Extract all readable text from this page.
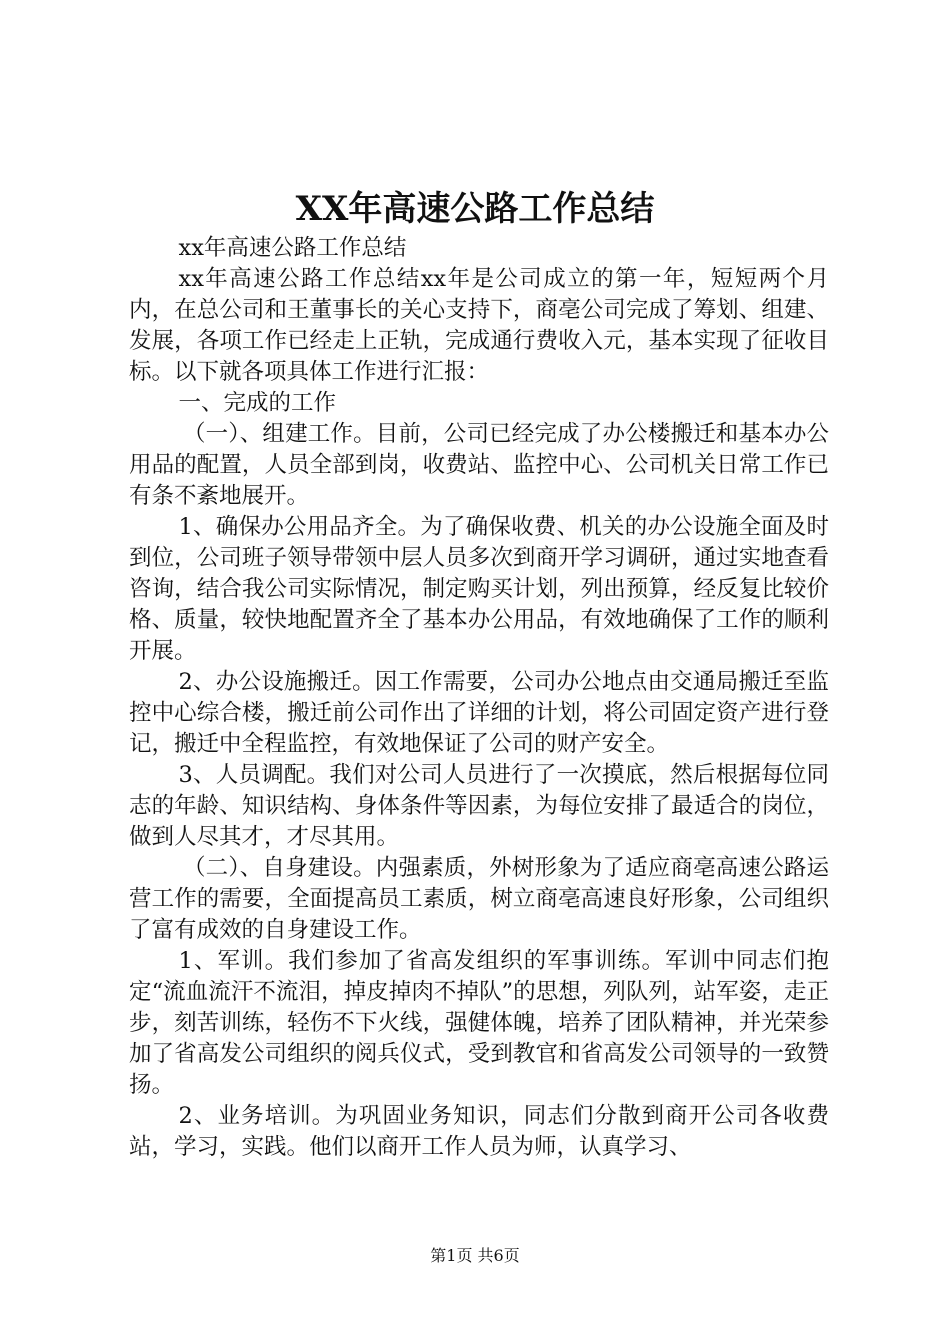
XX年高速公路工作总结

xx年高速公路工作总结

xx年高速公路工作总结xx年是公司成立的第一年，短短两个月内，在总公司和王董事长的关心支持下，商亳公司完成了筹划、组建、发展，各项工作已经走上正轨，完成通行费收入元，基本实现了征收目标。以下就各项具体工作进行汇报：

一、完成的工作

（一）、组建工作。目前，公司已经完成了办公楼搬迁和基本办公用品的配置，人员全部到岗，收费站、监控中心、公司机关日常工作已有条不紊地展开。

1、确保办公用品齐全。为了确保收费、机关的办公设施全面及时到位，公司班子领导带领中层人员多次到商开学习调研，通过实地查看咨询，结合我公司实际情况，制定购买计划，列出预算，经反复比较价格、质量，较快地配置齐全了基本办公用品，有效地确保了工作的顺利开展。

2、办公设施搬迁。因工作需要，公司办公地点由交通局搬迁至监控中心综合楼，搬迁前公司作出了详细的计划，将公司固定资产进行登记，搬迁中全程监控，有效地保证了公司的财产安全。

3、人员调配。我们对公司人员进行了一次摸底，然后根据每位同志的年龄、知识结构、身体条件等因素，为每位安排了最适合的岗位，做到人尽其才，才尽其用。

（二）、自身建设。内强素质，外树形象为了适应商亳高速公路运营工作的需要，全面提高员工素质，树立商亳高速良好形象，公司组织了富有成效的自身建设工作。

1、军训。我们参加了省高发组织的军事训练。军训中同志们抱定“流血流汗不流泪，掉皮掉肉不掉队”的思想，列队列，站军姿，走正步，刻苦训练，轻伤不下火线，强健体魄，培养了团队精神，并光荣参加了省高发公司组织的阅兵仪式，受到教官和省高发公司领导的一致赞扬。

2、业务培训。为巩固业务知识，同志们分散到商开公司各收费站，学习，实践。他们以商开工作人员为师，认真学习、

第1页 共6页
